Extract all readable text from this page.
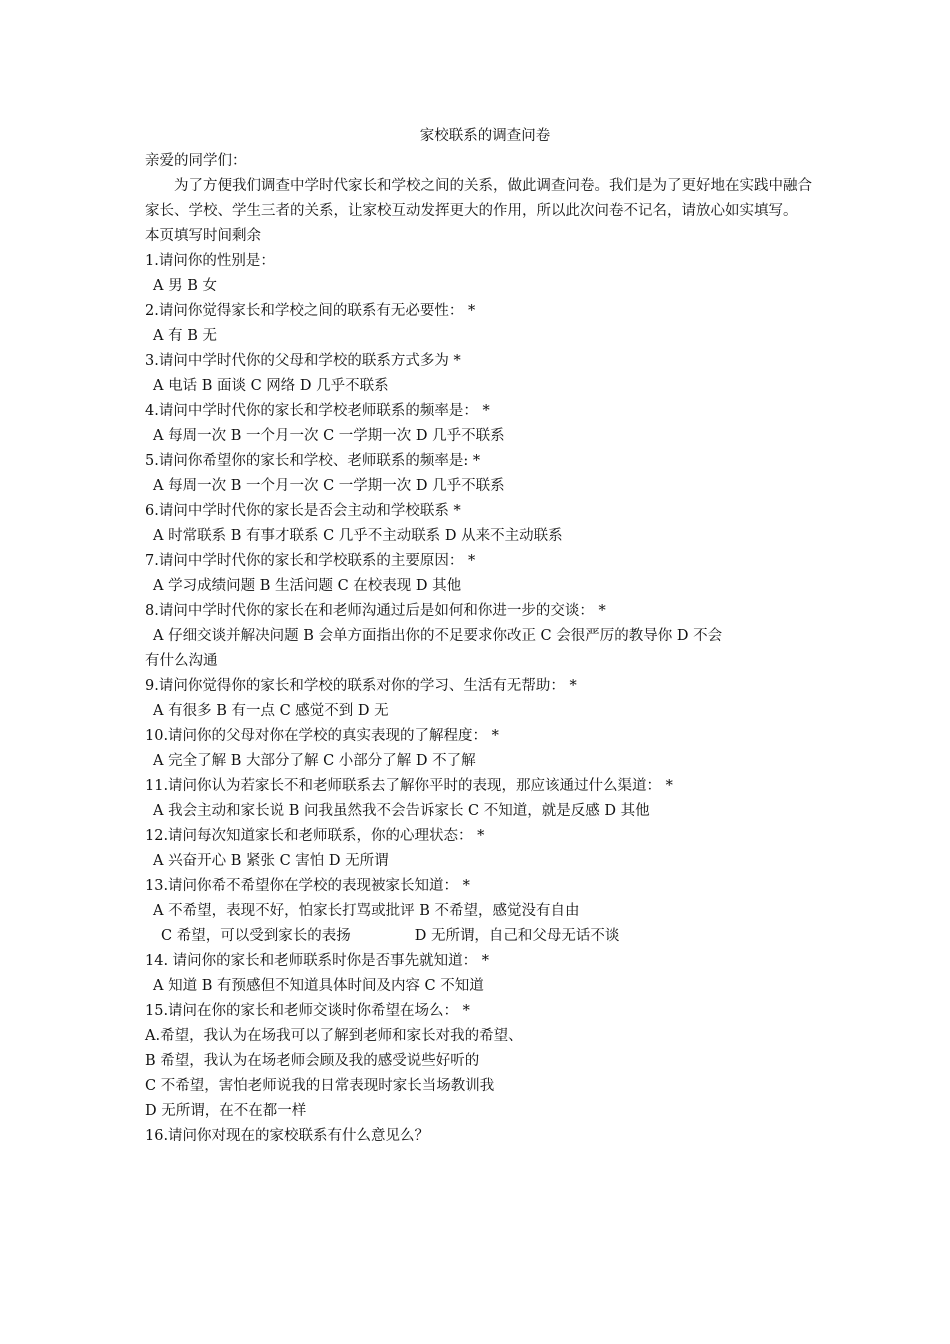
家校联系的调查问卷
亲爱的同学们：
为了方便我们调查中学时代家长和学校之间的关系，做此调查问卷。我们是为了更好地在实践中融合家长、学校、学生三者的关系，让家校互动发挥更大的作用，所以此次问卷不记名，请放心如实填写。
本页填写时间剩余
1.请问你的性别是：
A 男 B 女
2.请问你觉得家长和学校之间的联系有无必要性： *
A 有 B 无
3.请问中学时代你的父母和学校的联系方式多为 *
A 电话 B 面谈 C 网络 D 几乎不联系
4.请问中学时代你的家长和学校老师联系的频率是： *
A 每周一次 B 一个月一次 C 一学期一次 D 几乎不联系
5.请问你希望你的家长和学校、老师联系的频率是: *
A 每周一次 B 一个月一次 C 一学期一次 D 几乎不联系
6.请问中学时代你的家长是否会主动和学校联系 *
A 时常联系 B 有事才联系 C 几乎不主动联系 D 从来不主动联系
7.请问中学时代你的家长和学校联系的主要原因： *
A 学习成绩问题 B 生活问题 C 在校表现 D 其他
8.请问中学时代你的家长在和老师沟通过后是如何和你进一步的交谈： *
A 仔细交谈并解决问题 B 会单方面指出你的不足要求你改正 C 会很严厉的教导你 D 不会
有什么沟通
9.请问你觉得你的家长和学校的联系对你的学习、生活有无帮助： *
A 有很多 B 有一点 C 感觉不到 D 无
10.请问你的父母对你在学校的真实表现的了解程度： *
A 完全了解 B 大部分了解 C 小部分了解 D 不了解
11.请问你认为若家长不和老师联系去了解你平时的表现，那应该通过什么渠道： *
A 我会主动和家长说 B 问我虽然我不会告诉家长 C 不知道，就是反感 D 其他
12.请问每次知道家长和老师联系，你的心理状态： *
A 兴奋开心 B 紧张 C 害怕 D 无所谓
13.请问你希不希望你在学校的表现被家长知道： *
A 不希望，表现不好，怕家长打骂或批评 B 不希望，感觉没有自由
C 希望，可以受到家长的表扬	D 无所谓，自己和父母无话不谈
14. 请问你的家长和老师联系时你是否事先就知道： *
A 知道 B 有预感但不知道具体时间及内容 C 不知道
15.请问在你的家长和老师交谈时你希望在场么： *
A.希望，我认为在场我可以了解到老师和家长对我的希望、
B 希望，我认为在场老师会顾及我的感受说些好听的
C 不希望，害怕老师说我的日常表现时家长当场教训我
D 无所谓，在不在都一样
16.请问你对现在的家校联系有什么意见么？
